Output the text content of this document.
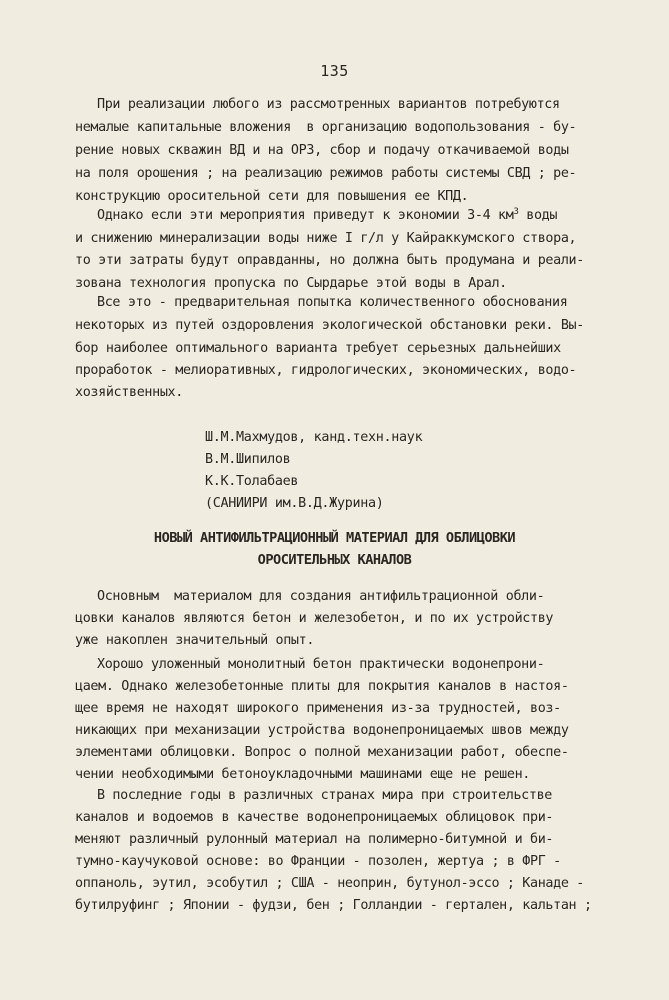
135
При реализации любого из рассмотренных вариантов потребуются
немалые капитальные вложения  в организацию водопользования - бу-
рение новых скважин ВД и на ОРЗ, сбор и подачу откачиваемой воды
на поля орошения ; на реализацию режимов работы системы СВД ; ре-
конструкцию оросительной сети для повышения ее КПД.
Однако если эти мероприятия приведут к экономии 3-4 $км^3$ воды
и снижению минерализации воды ниже I г/л у Кайраккумского створа,
то эти затраты будут оправданны, но должна быть продумана и реали-
зована технология пропуска по Сырдарье этой воды в Арал.
Все это - предварительная попытка количественного обоснования
некоторых из путей оздоровления экологической обстановки реки. Вы-
бор наиболее оптимального варианта требует серьезных дальнейших
проработок - мелиоративных, гидрологических, экономических, водо-
хозяйственных.
Ш.М.Махмудов, канд.техн.наук
В.М.Шипилов
К.К.Толабаев
(САНИИРИ им.В.Д.Журина)
НОВЫЙ АНТИФИЛЬТРАЦИОННЫЙ МАТЕРИАЛ ДЛЯ ОБЛИЦОВКИ
ОРОСИТЕЛЬНЫХ КАНАЛОВ
Основным  материалом для создания антифильтрационной обли-
цовки каналов являются бетон и железобетон, и по их устройству
уже накоплен значительный опыт.
Хорошо уложенный монолитный бетон практически водонепрони-
цаем. Однако железобетонные плиты для покрытия каналов в настоя-
щее время не находят широкого применения из-за трудностей, воз-
никающих при механизации устройства водонепроницаемых швов между
элементами облицовки. Вопрос о полной механизации работ, обеспе-
чении необходимыми бетоноукладочными машинами еще не решен.
В последние годы в различных странах мира при строительстве
каналов и водоемов в качестве водонепроницаемых облицовок при-
меняют различный рулонный материал на полимерно-битумной и би-
тумно-каучуковой основе: во Франции - позолен, жертуа ; в ФРГ -
оппаноль, эутил, эсобутил ; США - неоприн, бутунол-эссо ; Канаде -
бутилруфинг ; Японии - фудзи, бен ; Голландии - гертален, кальтан ;
